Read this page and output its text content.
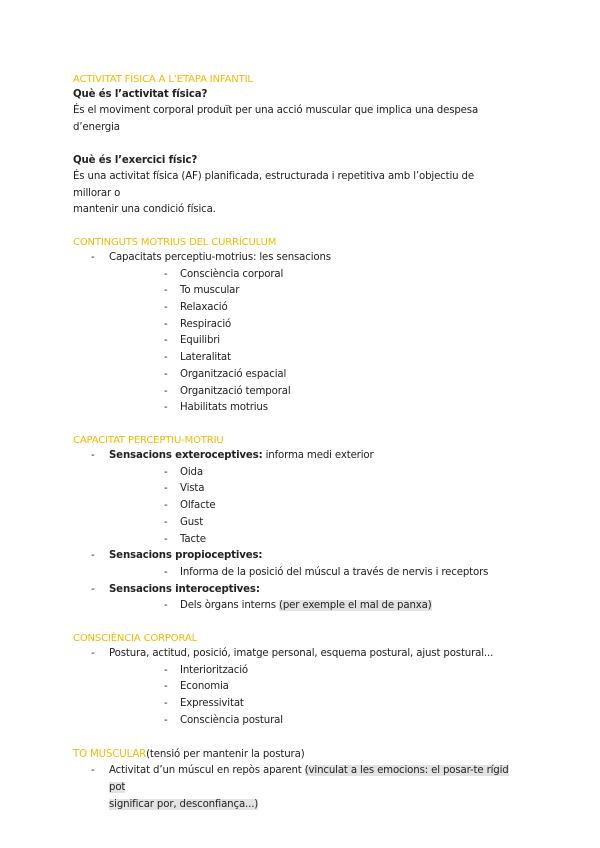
ACTIVITAT FÍSICA A L’ETAPA INFANTIL
Què és l’activitat física?
És el moviment corporal produït per una acció muscular que implica una despesa d’energia
Què és l’exercici físic?
És una activitat física (AF) planificada, estructurada i repetitiva amb l’objectiu de millorar o
mantenir una condició física.
CONTINGUTS MOTRIUS DEL CURRÍCULUM
- Capacitats perceptiu-motrius: les sensacions
- Consciència corporal
- To muscular
- Relaxació
- Respiració
- Equilibri
- Lateralitat
- Organització espacial
- Organització temporal
- Habilitats motrius
CAPACITAT PERCEPTIU-MOTRIU
- Sensacions exteroceptives: informa medi exterior
- Oida
- Vista
- Olfacte
- Gust
- Tacte
- Sensacions propioceptives:
- Informa de la posició del múscul a través de nervis i receptors
- Sensacions interoceptives:
- Dels òrgans interns (per exemple el mal de panxa)
CONSCIÈNCIA CORPORAL
- Postura, actitud, posició, imatge personal, esquema postural, ajust postural...
- Interiorització
- Economia
- Expressivitat
- Consciència postural
TO MUSCULAR(tensió per mantenir la postura)
- Activitat d’un múscul en repòs aparent (vinculat a les emocions: el posar-te rígid pot
significar por, desconfiança...)
